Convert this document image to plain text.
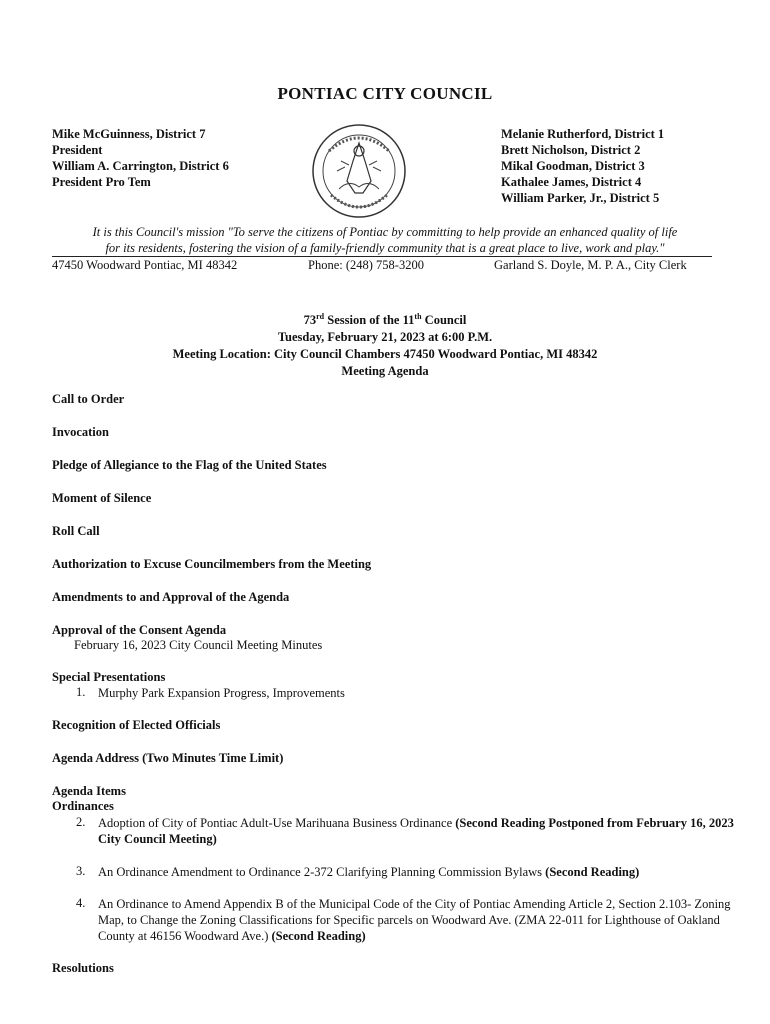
PONTIAC CITY COUNCIL
Mike McGuinness, District 7
President
William A. Carrington, District 6
President Pro Tem
Melanie Rutherford, District 1
Brett Nicholson, District 2
Mikal Goodman, District 3
Kathalee James, District 4
William Parker, Jr., District 5
It is this Council's mission "To serve the citizens of Pontiac by committing to help provide an enhanced quality of life
for its residents, fostering the vision of a family-friendly community that is a great place to live, work and play."
47450 Woodward Pontiac, MI 48342	Phone: (248) 758-3200	Garland S. Doyle, M. P. A., City Clerk
73rd Session of the 11th Council
Tuesday, February 21, 2023 at 6:00 P.M.
Meeting Location: City Council Chambers 47450 Woodward Pontiac, MI 48342
Meeting Agenda
Call to Order
Invocation
Pledge of Allegiance to the Flag of the United States
Moment of Silence
Roll Call
Authorization to Excuse Councilmembers from the Meeting
Amendments to and Approval of the Agenda
Approval of the Consent Agenda
February 16, 2023 City Council Meeting Minutes
Special Presentations
1. Murphy Park Expansion Progress, Improvements
Recognition of Elected Officials
Agenda Address (Two Minutes Time Limit)
Agenda Items
Ordinances
2. Adoption of City of Pontiac Adult-Use Marihuana Business Ordinance (Second Reading Postponed from February 16, 2023 City Council Meeting)
3. An Ordinance Amendment to Ordinance 2-372 Clarifying Planning Commission Bylaws (Second Reading)
4. An Ordinance to Amend Appendix B of the Municipal Code of the City of Pontiac Amending Article 2, Section 2.103- Zoning Map, to Change the Zoning Classifications for Specific parcels on Woodward Ave. (ZMA 22-011 for Lighthouse of Oakland County at 46156 Woodward Ave.) (Second Reading)
Resolutions
